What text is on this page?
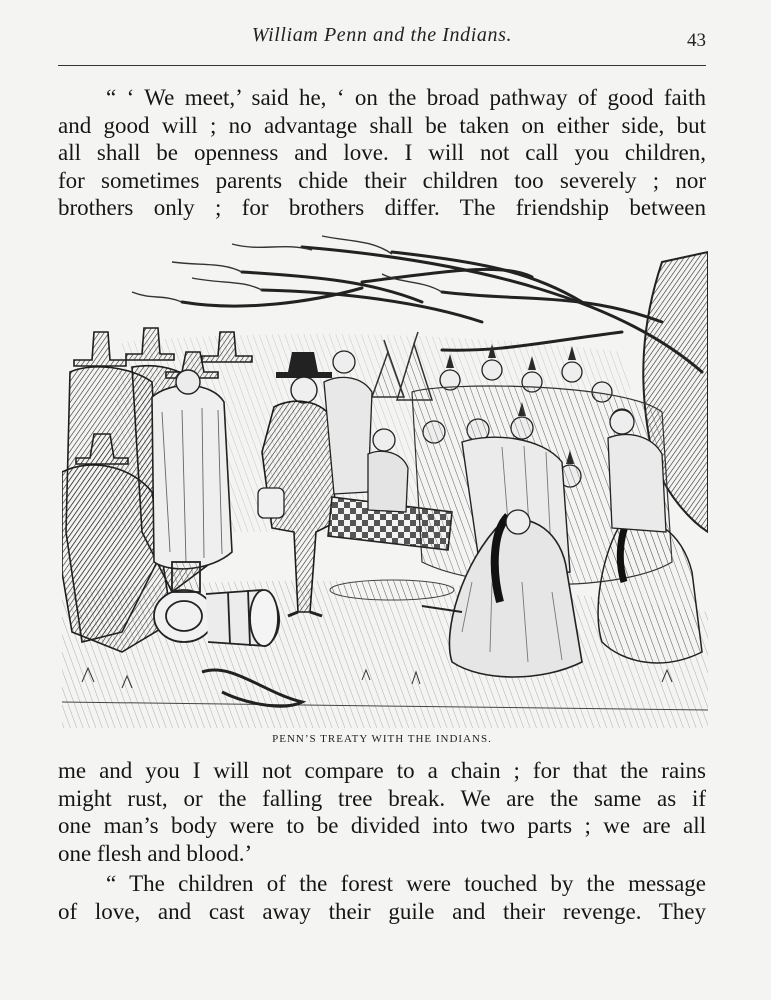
William Penn and the Indians.	43

“ ‘ We meet,’ said he, ‘ on the broad pathway of good faith
and good will ; no advantage shall be taken on either side, but
all shall be openness and love. I will not call you children,
for sometimes parents chide their children too severely ; nor
brothers only ; for brothers differ. The friendship between

PENN’S TREATY WITH THE INDIANS.

me and you I will not compare to a chain ; for that the rains
might rust, or the falling tree break. We are the same as if
one man’s body were to be divided into two parts ; we are all
one flesh and blood.’

“ The children of the forest were touched by the message
of love, and cast away their guile and their revenge. They
